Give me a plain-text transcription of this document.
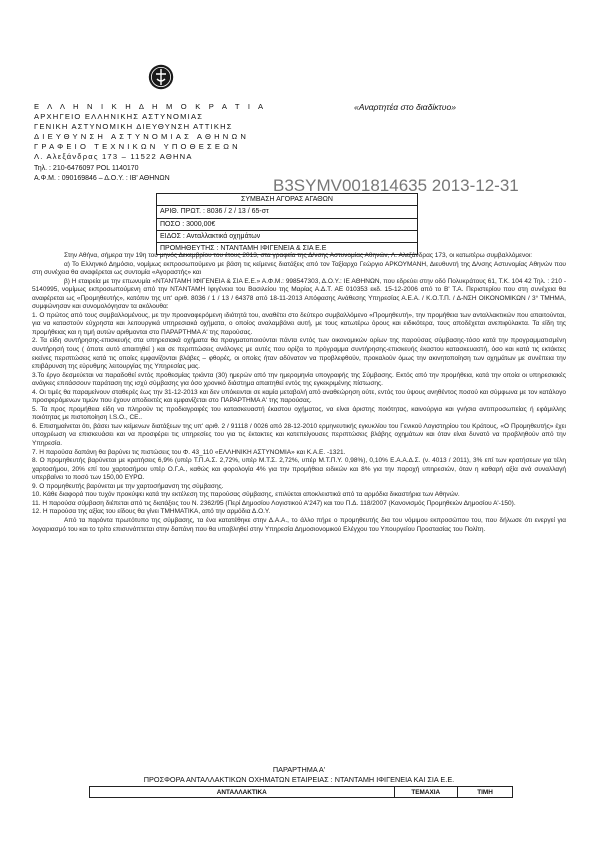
Ε Λ Λ Η Ν Ι Κ Η Δ Η Μ Ο Κ Ρ Α Τ Ι Α
ΑΡΧΗΓΕΙΟ ΕΛΛΗΝΙΚΗΣ ΑΣΤΥΝΟΜΙΑΣ
ΓΕΝΙΚΗ ΑΣΤΥΝΟΜΙΚΗ ΔΙΕΥΘΥΝΣΗ ΑΤΤΙΚΗΣ
ΔΙΕΥΘΥΝΣΗ ΑΣΤΥΝΟΜΙΑΣ ΑΘΗΝΩΝ
ΓΡΑΦΕΙΟ ΤΕΧΝΙΚΩΝ ΥΠΟΘΕΣΕΩΝ
Λ. Αλεξάνδρας 173 – 11522 ΑΘΗΝΑ
Τηλ. : 210-6476097 POL 1140170
Α.Φ.Μ. : 090169846 – Δ.Ο.Υ. : ΙΒ' ΑΘΗΝΩΝ
«Αναρτητέα στο διαδίκτυο»
Β3SYMV001814635 2013-12-31
ΣΥΜΒΑΣΗ ΑΓΟΡΑΣ ΑΓΑΘΩΝ
ΑΡΙΘ. ΠΡΩΤ. : 8036 / 2 / 13 / 65-στ
ΠΟΣΟ : 3000,00€
ΕΙΔΟΣ : Ανταλλακτικά οχημάτων
ΠΡΟΜΗΘΕΥΤΗΣ : ΝΤΑΝΤΑΜΗ ΙΦΙΓΕΝΕΙΑ & ΣΙΑ Ε.Ε

Στην Αθήνα, σήμερα την 19η του μηνός Δεκεμβρίου του έτους 2013, στα γραφεία της Δ/νσης Αστυνομίας Αθηνών, Λ. Αλεξάνδρας 173, οι κατωτέρω συμβαλλόμενοι:

α) Το Ελληνικό Δημόσιο, νομίμως εκπροσωπούμενο με βάση τις κείμενες διατάξεις από τον Ταξίαρχο Γεώργιο ΑΡΚΟΥΜΑΝΗ, Διευθυντή της Δ/νσης Αστυνομίας Αθηνών που στη συνέχεια θα αναφέρεται ως συντομία «Αγοραστής» και

β) Η εταιρεία με την επωνυμία «ΝΤΑΝΤΑΜΗ ΙΦΙΓΕΝΕΙΑ & ΣΙΑ Ε.Ε.» Α.Φ.Μ.: 998547303, Δ.Ο.Υ.: ΙΕ ΑΘΗΝΩΝ, που εδρεύει στην οδό Πολυκράτους 61, Τ.Κ. 104 42 Τηλ. : 210 - 5140995, νομίμως εκπροσωπούμενη από την ΝΤΑΝΤΑΜΗ Ιφιγένεια του Βασιλείου της Μαρίας Α.Δ.Τ. ΑΕ 010353 εκδ. 15-12-2006 από το Β' Τ.Α. Περιστερίου που στη συνέχεια θα αναφέρεται ως «Προμηθευτής», κατόπιν της υπ' αριθ. 8036 / 1 / 13 / 64378 από 18-11-2013 Απόφασης Ανάθεσης Υπηρεσίας Α.Ε.Α. / Κ.Ο.Τ.Π. / Δ-ΝΣΗ ΟΙΚΟΝΟΜΙΚΩΝ / 3° ΤΜΗΜΑ, συμφώνησαν και συνομολόγησαν τα ακόλουθα:

1. Ο πρώτος από τους συμβαλλομένους, με την προαναφερόμενη ιδιότητά του, αναθέτει στο δεύτερο συμβαλλόμενο «Προμηθευτή», την προμήθεια των ανταλλακτικών που απαιτούνται, για να καταστούν εύχρηστα και λειτουργικά υπηρεσιακά οχήματα, ο οποίος αναλαμβάνει αυτή, με τους κατωτέρω όρους και ειδικότερα, τους αποδέχεται ανεπιφύλακτα. Τα είδη της προμήθειας και η τιμή αυτών αριθμονται στο ΠΑΡΑΡΤΗΜΑ Α' της παρούσας.

2. Τα είδη συντήρησης-επισκευής στα υπηρεσιακά οχήματα θα πραγματοποιούνται πάντα εντός των οικονομικών ορίων της παρούσας σύμβασης-τόσο κατά την προγραμματισμένη συντήρησή τους ( όποτε αυτό απαιτηθεί ) και σε περιπτώσεις ανάλογες με αυτές που ορίζει το πρόγραμμα συντήρησης-επισκευής έκαστου κατασκευαστή, όσο και κατά τις εκτάκτες εκείνες περιπτώσεις κατά τις οποίες εμφανίζονται βλάβες – φθορές, οι οποίες ήταν αδύνατον να προβλεφθούν, προκαλούν όμως την ακινητοποίηση των οχημάτων με συνέπεια την επιβάρυνση της εύρυθμης λειτουργίας της Υπηρεσίας μας.

3.Το έργο δεσμεύεται να παραδοθεί εντός προθεσμίας τριάντα (30) ημερών από την ημερομηνία υπογραφής της Σύμβασης. Εκτός από την προμήθεια, κατά την οποία οι υπηρεσιακές ανάγκες επιτάσσουν παράταση της ισχύ σύμβασης για όσο χρονικό διάστημα απαιτηθεί εντός της εγκεκριμένης πίστωσης.

4. Οι τιμές θα παραμείνουν σταθερές έως την 31-12-2013 και δεν υπόκεινται σε καμία μεταβολή από αναθεώρηση ούτε, εντός του ύψους ανηθέντος ποσού και σύμφωνα με τον κατάλογο προσφερόμενων τιμών που έχουν αποδεκτές και εμφανίζεται στο ΠΑΡΑΡΤΗΜΑ Α' της παρούσας.

5. Τα προς προμήθεια είδη να πληρούν τις προδιαγραφές του κατασκευαστή έκαστου οχήματος, να είναι άριστης ποιότητας, καινούργια και γνήσια αντιπροσωπείας ή εφάμιλλης ποιότητας με πιστοποίηση I.S.O., CE..

6. Επισημαίνεται ότι, βάσει των κείμενων διατάξεων της υπ' αριθ. 2 / 91118 / 0026 από 28-12-2010 ερμηνευτικής εγκυκλίου του Γενικού Λογιστηρίου του Κράτους, «Ο Προμηθευτής» έχει υποχρέωση να επισκευάσει και να προσφέρει τις υπηρεσίες του για τις έκτακτες και κατεπείγουσες περιπτώσεις βλάβης οχημάτων και όταν είναι δυνατό να προβληθούν από την Υπηρεσία.

7. Η παρούσα δαπάνη θα βαρύνει τις πιστώσεις του Φ. 43_110 «ΕΛΛΗΝΙΚΗ ΑΣΤΥΝΟΜΙΑ» και Κ.Α.Ε. -1321.

8. Ο προμηθευτής βαρύνεται με κρατήσεις 6,9% (υπέρ Τ.Π.Α.Σ. 2,72%, υπέρ Μ.Τ.Σ. 2,72%, υπέρ Μ.Τ.Π.Υ. 0,98%), 0,10% Ε.Α.Α.Δ.Σ. (ν. 4013 / 2011), 3% επί των κρατήσεων για τέλη χαρτοσήμου, 20% επί του χαρτοσήμου υπέρ Ο.Γ.Α., καθώς και φορολογία 4% για την προμήθεια ειδικών και 8% για την παροχή υπηρεσιών, όταν η καθαρή αξία ανά συναλλαγή υπερβαίνει το ποσό των 150,00 ΕΥΡΩ.

9. Ο προμηθευτής βαρύνεται με την χαρτοσήμανση της σύμβασης.

10. Κάθε διαφορά που τυχόν προκύψει κατά την εκτέλεση της παρούσας σύμβασης, επιλύεται αποκλειστικά από τα αρμόδια δικαστήρια των Αθηνών.

11. Η παρούσα σύμβαση διέπεται από τις διατάξεις του Ν. 2362/95 (Περί Δημοσίου Λογιστικού Α'247) και του Π.Δ. 118/2007 (Κανονισμός Προμηθειών Δημοσίου Α'-150).

12. Η παρούσα της αξίας του είδους θα γίνει ΤΜΗΜΑΤΙΚΑ, από την αρμόδια Δ.Ο.Υ.

Από τα παρόντα πρωτότυπο της σύμβασης, τα ένα κατατέθηκε στην Δ.Α.Α., το άλλο πήρε ο προμηθευτής δια του νόμιμου εκπροσώπου του, που δήλωσε ότι ενεργεί για λογαριασμό του και το τρίτο επισυνάπτεται στην δαπάνη που θα υποβληθεί στην Υπηρεσία Δημοσιονομικού Ελέγχου του Υπουργείου Προστασίας του Πολίτη.

ΠΑΡΑΡΤΗΜΑ Α'
ΠΡΟΣΦΟΡΑ ΑΝΤΑΛΛΑΚΤΙΚΩΝ ΟΧΗΜΑΤΩΝ ΕΤΑΙΡΕΙΑΣ : ΝΤΑΝΤΑΜΗ ΙΦΙΓΕΝΕΙΑ ΚΑΙ ΣΙΑ Ε.Ε.
ΑΝΤΑΛΛΑΚΤΙΚΑ	ΤΕΜΑΧΙΑ	ΤΙΜΗ
